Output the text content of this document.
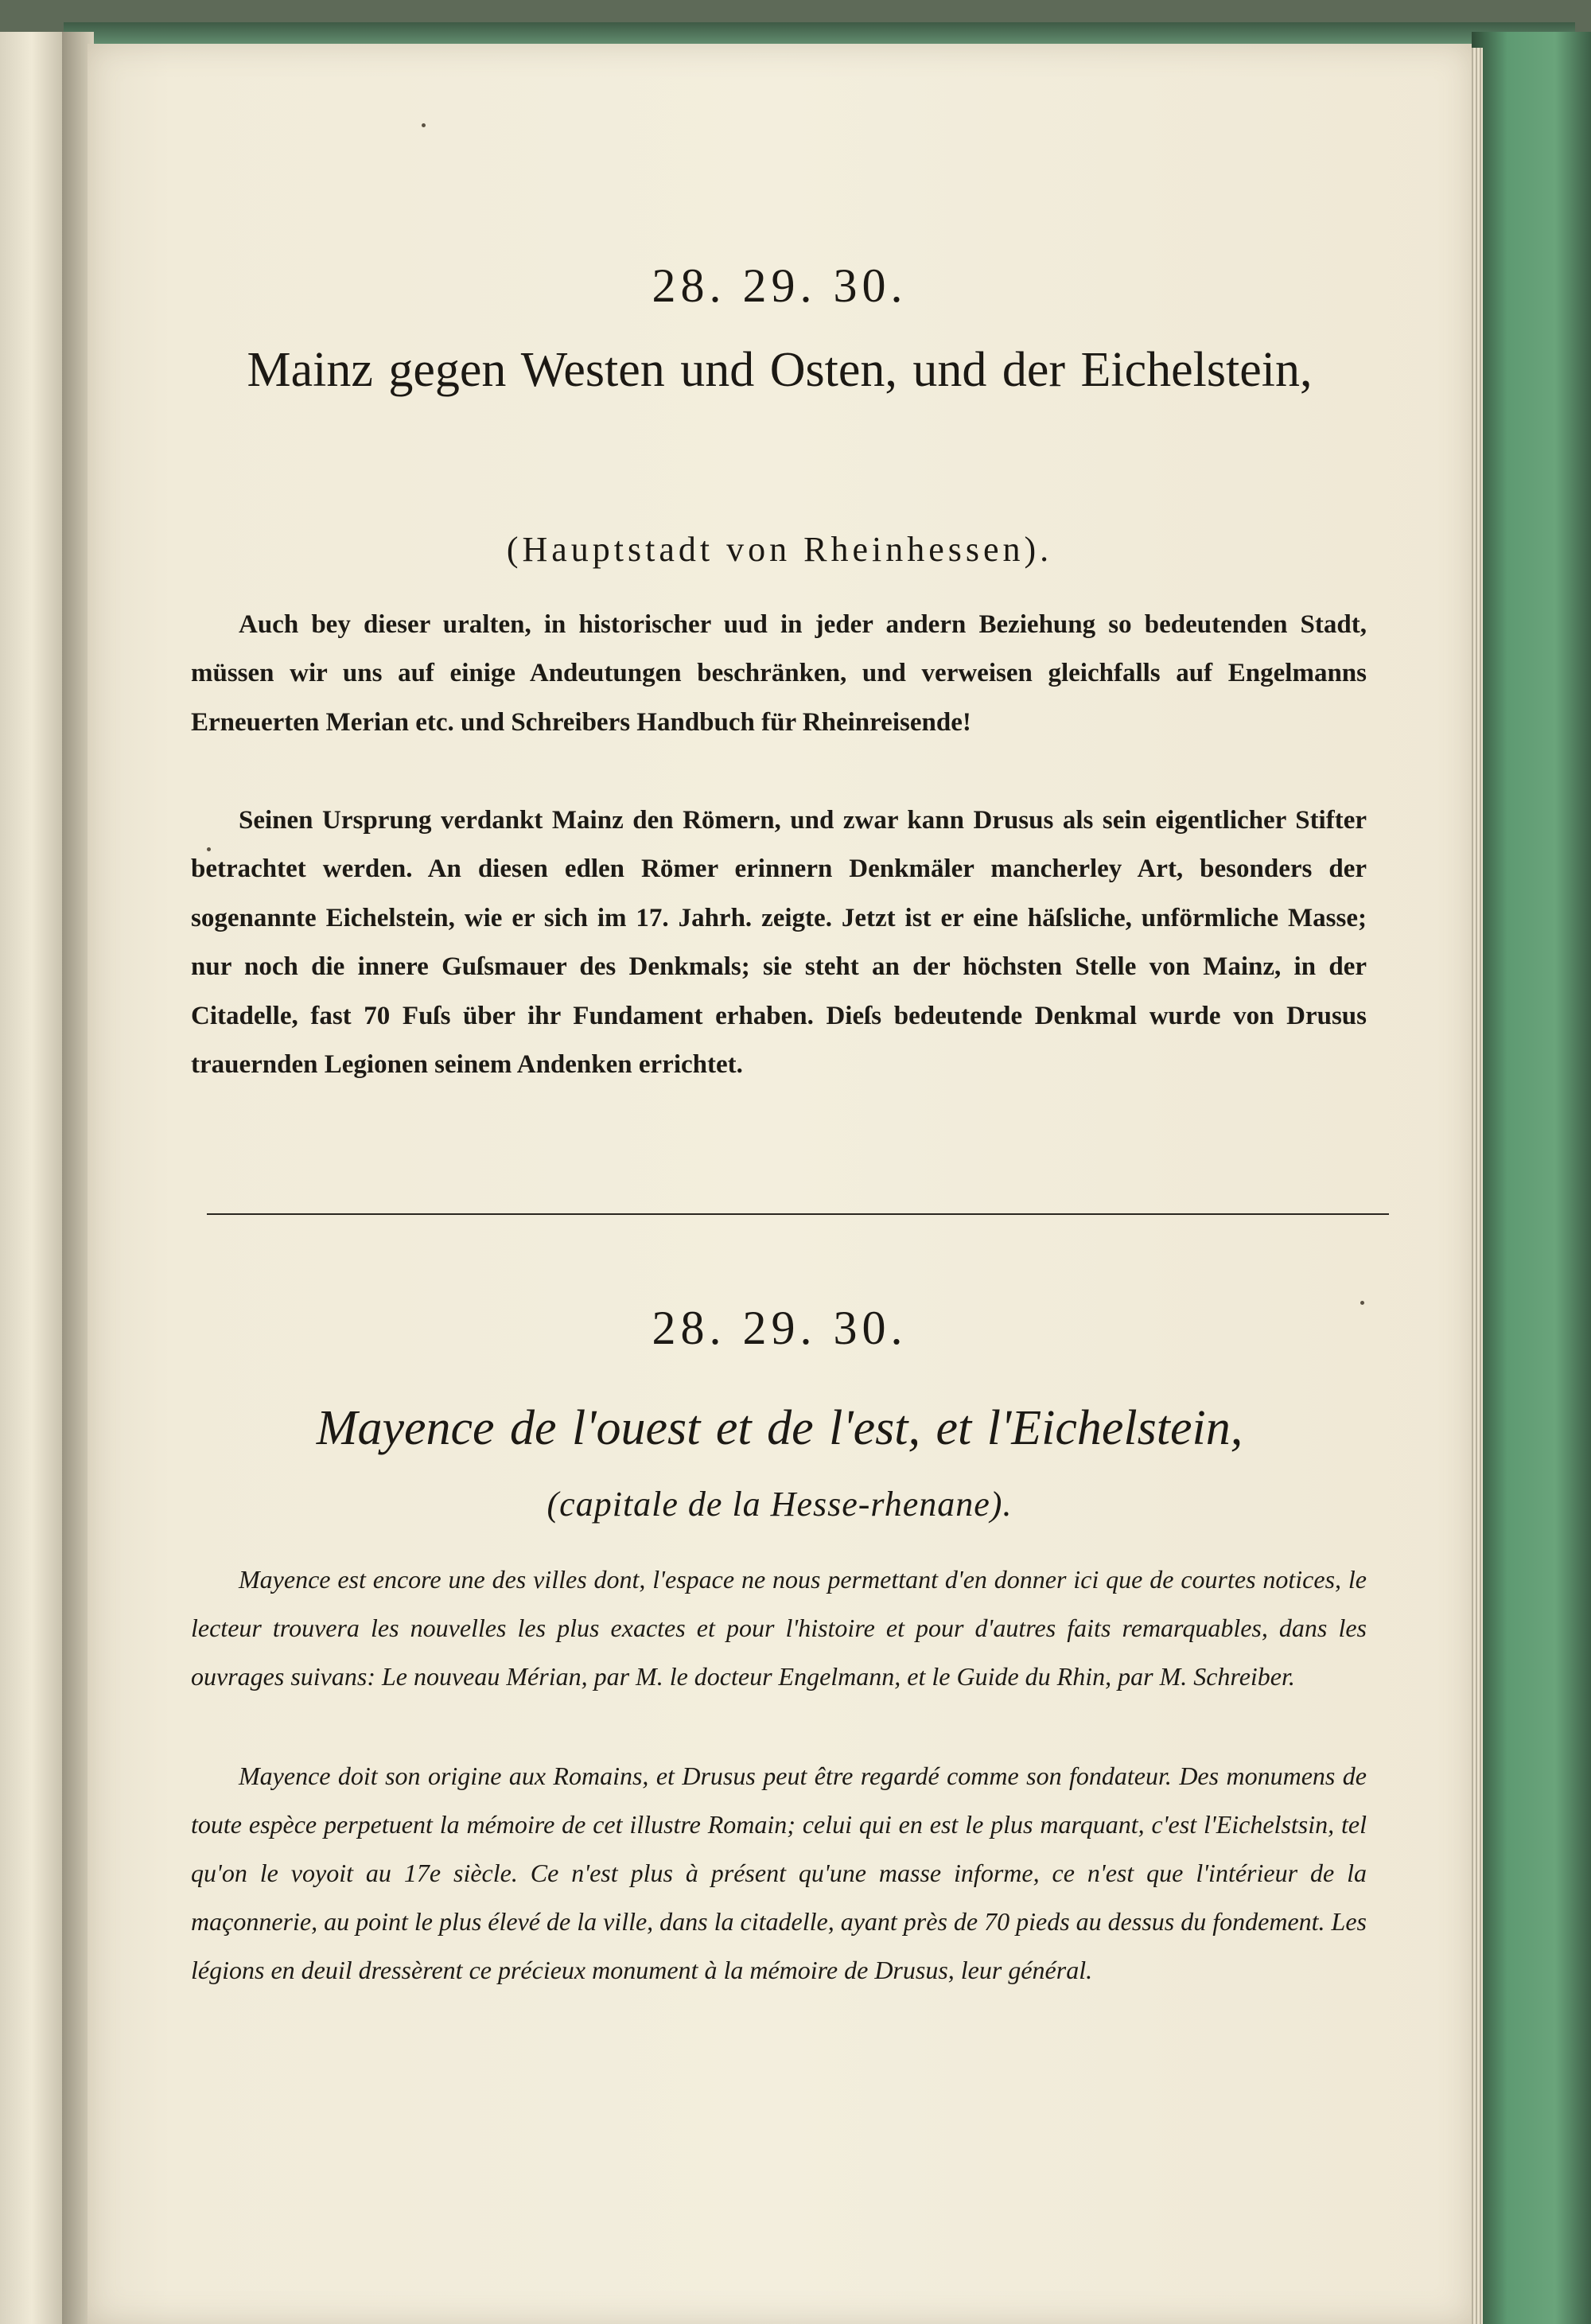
28. 29. 30.
Mainz gegen Westen und Osten, und der Eichelstein,
(Hauptstadt von Rheinhessen).
Auch bey dieser uralten, in historischer uud in jeder andern Beziehung so bedeutenden Stadt, müssen wir uns auf einige Andeutungen beschränken, und verweisen gleichfalls auf Engelmanns Erneuerten Merian etc. und Schreibers Handbuch für Rheinreisende!
Seinen Ursprung verdankt Mainz den Römern, und zwar kann Drusus als sein eigentlicher Stifter betrachtet werden. An diesen edlen Römer erinnern Denkmäler mancherley Art, besonders der sogenannte Eichelstein, wie er sich im 17. Jahrh. zeigte. Jetzt ist er eine häſsliche, unförmliche Masse; nur noch die innere Guſsmauer des Denkmals; sie steht an der höchsten Stelle von Mainz, in der Citadelle, fast 70 Fuſs über ihr Fundament erhaben. Dieſs bedeutende Denkmal wurde von Drusus trauernden Legionen seinem Andenken errichtet.
28. 29. 30.
Mayence de l'ouest et de l'est, et l'Eichelstein,
(capitale de la Hesse-rhenane).
Mayence est encore une des villes dont, l'espace ne nous permettant d'en donner ici que de courtes notices, le lecteur trouvera les nouvelles les plus exactes et pour l'histoire et pour d'autres faits remarquables, dans les ouvrages suivans: Le nouveau Mérian, par M. le docteur Engelmann, et le Guide du Rhin, par M. Schreiber.
Mayence doit son origine aux Romains, et Drusus peut être regardé comme son fondateur. Des monumens de toute espèce perpetuent la mémoire de cet illustre Romain; celui qui en est le plus marquant, c'est l'Eichelstsin, tel qu'on le voyoit au 17e siècle. Ce n'est plus à présent qu'une masse informe, ce n'est que l'intérieur de la maçonnerie, au point le plus élevé de la ville, dans la citadelle, ayant près de 70 pieds au dessus du fondement. Les légions en deuil dressèrent ce précieux monument à la mémoire de Drusus, leur général.
